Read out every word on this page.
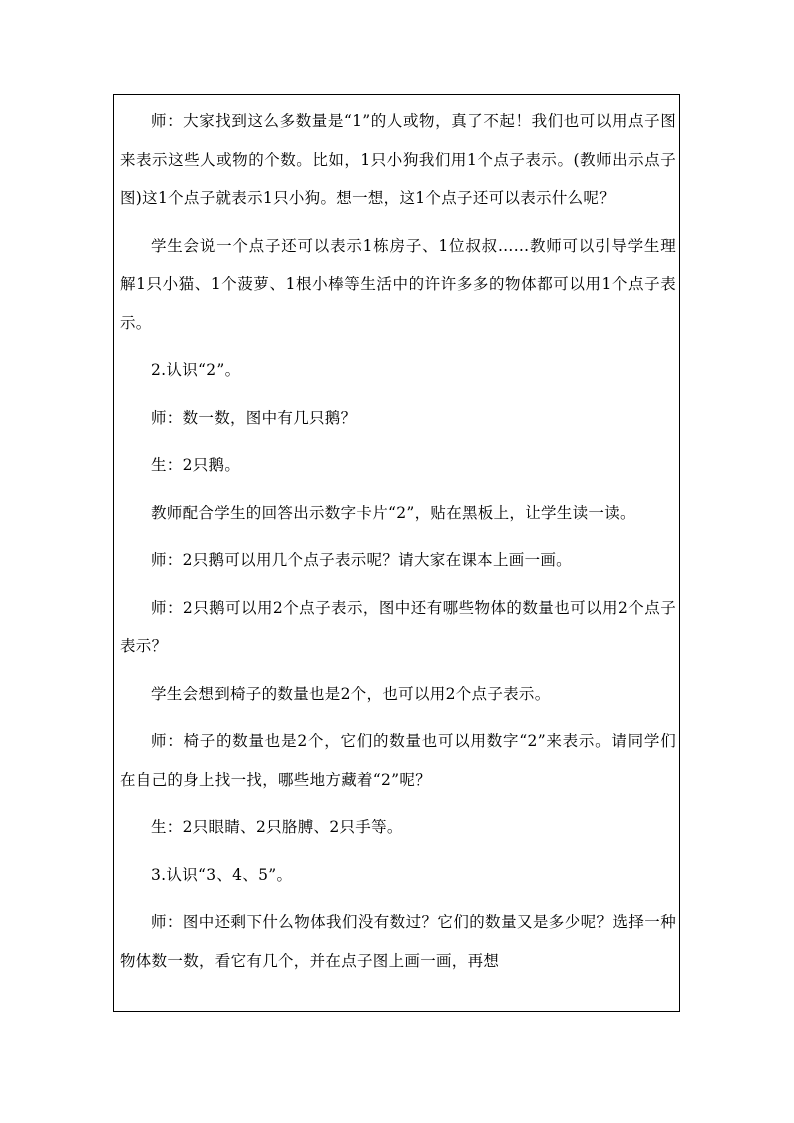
师：大家找到这么多数量是“1”的人或物，真了不起！我们也可以用点子图来表示这些人或物的个数。比如，1只小狗我们用1个点子表示。(教师出示点子图)这1个点子就表示1只小狗。想一想，这1个点子还可以表示什么呢？

学生会说一个点子还可以表示1栋房子、1位叔叔……教师可以引导学生理解1只小猫、1个菠萝、1根小棒等生活中的许许多多的物体都可以用1个点子表示。

2.认识“2”。

师：数一数，图中有几只鹅？

生：2只鹅。

教师配合学生的回答出示数字卡片“2”，贴在黑板上，让学生读一读。

师：2只鹅可以用几个点子表示呢？请大家在课本上画一画。

师：2只鹅可以用2个点子表示，图中还有哪些物体的数量也可以用2个点子表示？

学生会想到椅子的数量也是2个，也可以用2个点子表示。

师：椅子的数量也是2个，它们的数量也可以用数字“2”来表示。请同学们在自己的身上找一找，哪些地方藏着“2”呢？

生：2只眼睛、2只胳膊、2只手等。

3.认识“3、4、5”。

师：图中还剩下什么物体我们没有数过？它们的数量又是多少呢？选择一种物体数一数，看它有几个，并在点子图上画一画，再想
